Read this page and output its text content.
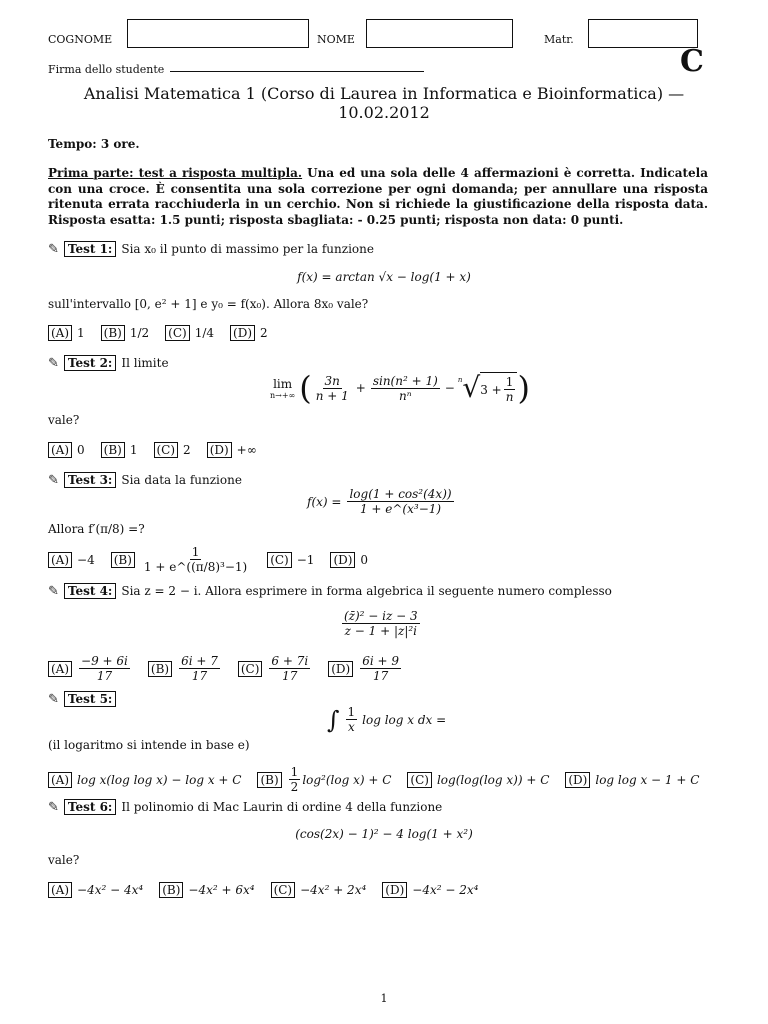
COGNOME	NOME	Matr.
Firma dello studente	C
Analisi Matematica 1 (Corso di Laurea in Informatica e Bioinformatica) —
10.02.2012
Tempo: 3 ore.
Prima parte: test a risposta multipla. Una ed una sola delle 4 affermazioni è corretta. Indicatela con una croce. È consentita una sola correzione per ogni domanda; per annullare una risposta ritenuta errata racchiuderla in un cerchio. Non si richiede la giustificazione della risposta data. Risposta esatta: 1.5 punti; risposta sbagliata: - 0.25 punti; risposta non data: 0 punti.
✎ Test 1: Sia x₀ il punto di massimo per la funzione
f(x) = arctan √x − log(1 + x)
sull'intervallo [0, e² + 1] e y₀ = f(x₀). Allora 8x₀ vale?
(A) 1 (B) 1/2 (C) 1/4 (D) 2
✎ Test 2: Il limite
lim
n→+∞ ( $\frac{3n}{n + 1} + \frac{\text{sin(n² + 1)}}{\text{nⁿ}}$ −
n √ $3 + \frac{1}{n}$ )
vale?
(A) 0 (B) 1 (C) 2 (D) +∞
✎ Test 3: Sia data la funzione
$f(x) = \frac{\text{log(1 + cos²(4x))}}{\text{1 + e\textasciicircum{}(x³−1)}}$
Allora f′(π/8) =?
(A) −4 $(B) \frac{1}{\text{1 + e\textasciicircum{}((π/8)³−1)}} (C) -1$ (D) 0
✎ Test 4: Sia z = 2 − i. Allora esprimere in forma algebrica il seguente numero complesso
$\frac{\text{(z̄)² − iz − 3}}{\text{z − 1 + |z|²i}}$
$(A) \frac{-9 + 6i}{17} (B) \frac{6i + 7}{17} (C) \frac{6 + 7i}{17} (D) \frac{6i + 9}{17}$
✎ Test 5:
∫ $\frac{1}{x}$ log log x dx =
(il logaritmo si intende in base e)
(A) log x(log log x) − log x + C $(B) \frac{1}{2} \log^2(\log$ x) + C (C) log(log(log x)) + C (D) log log x − 1 + C
✎ Test 6: Il polinomio di Mac Laurin di ordine 4 della funzione
(cos(2x) − 1)² − 4 log(1 + x²)
vale?
(A) −4x² − 4x⁴ (B) −4x² + 6x⁴ (C) −4x² + 2x⁴ (D) −4x² − 2x⁴
1
